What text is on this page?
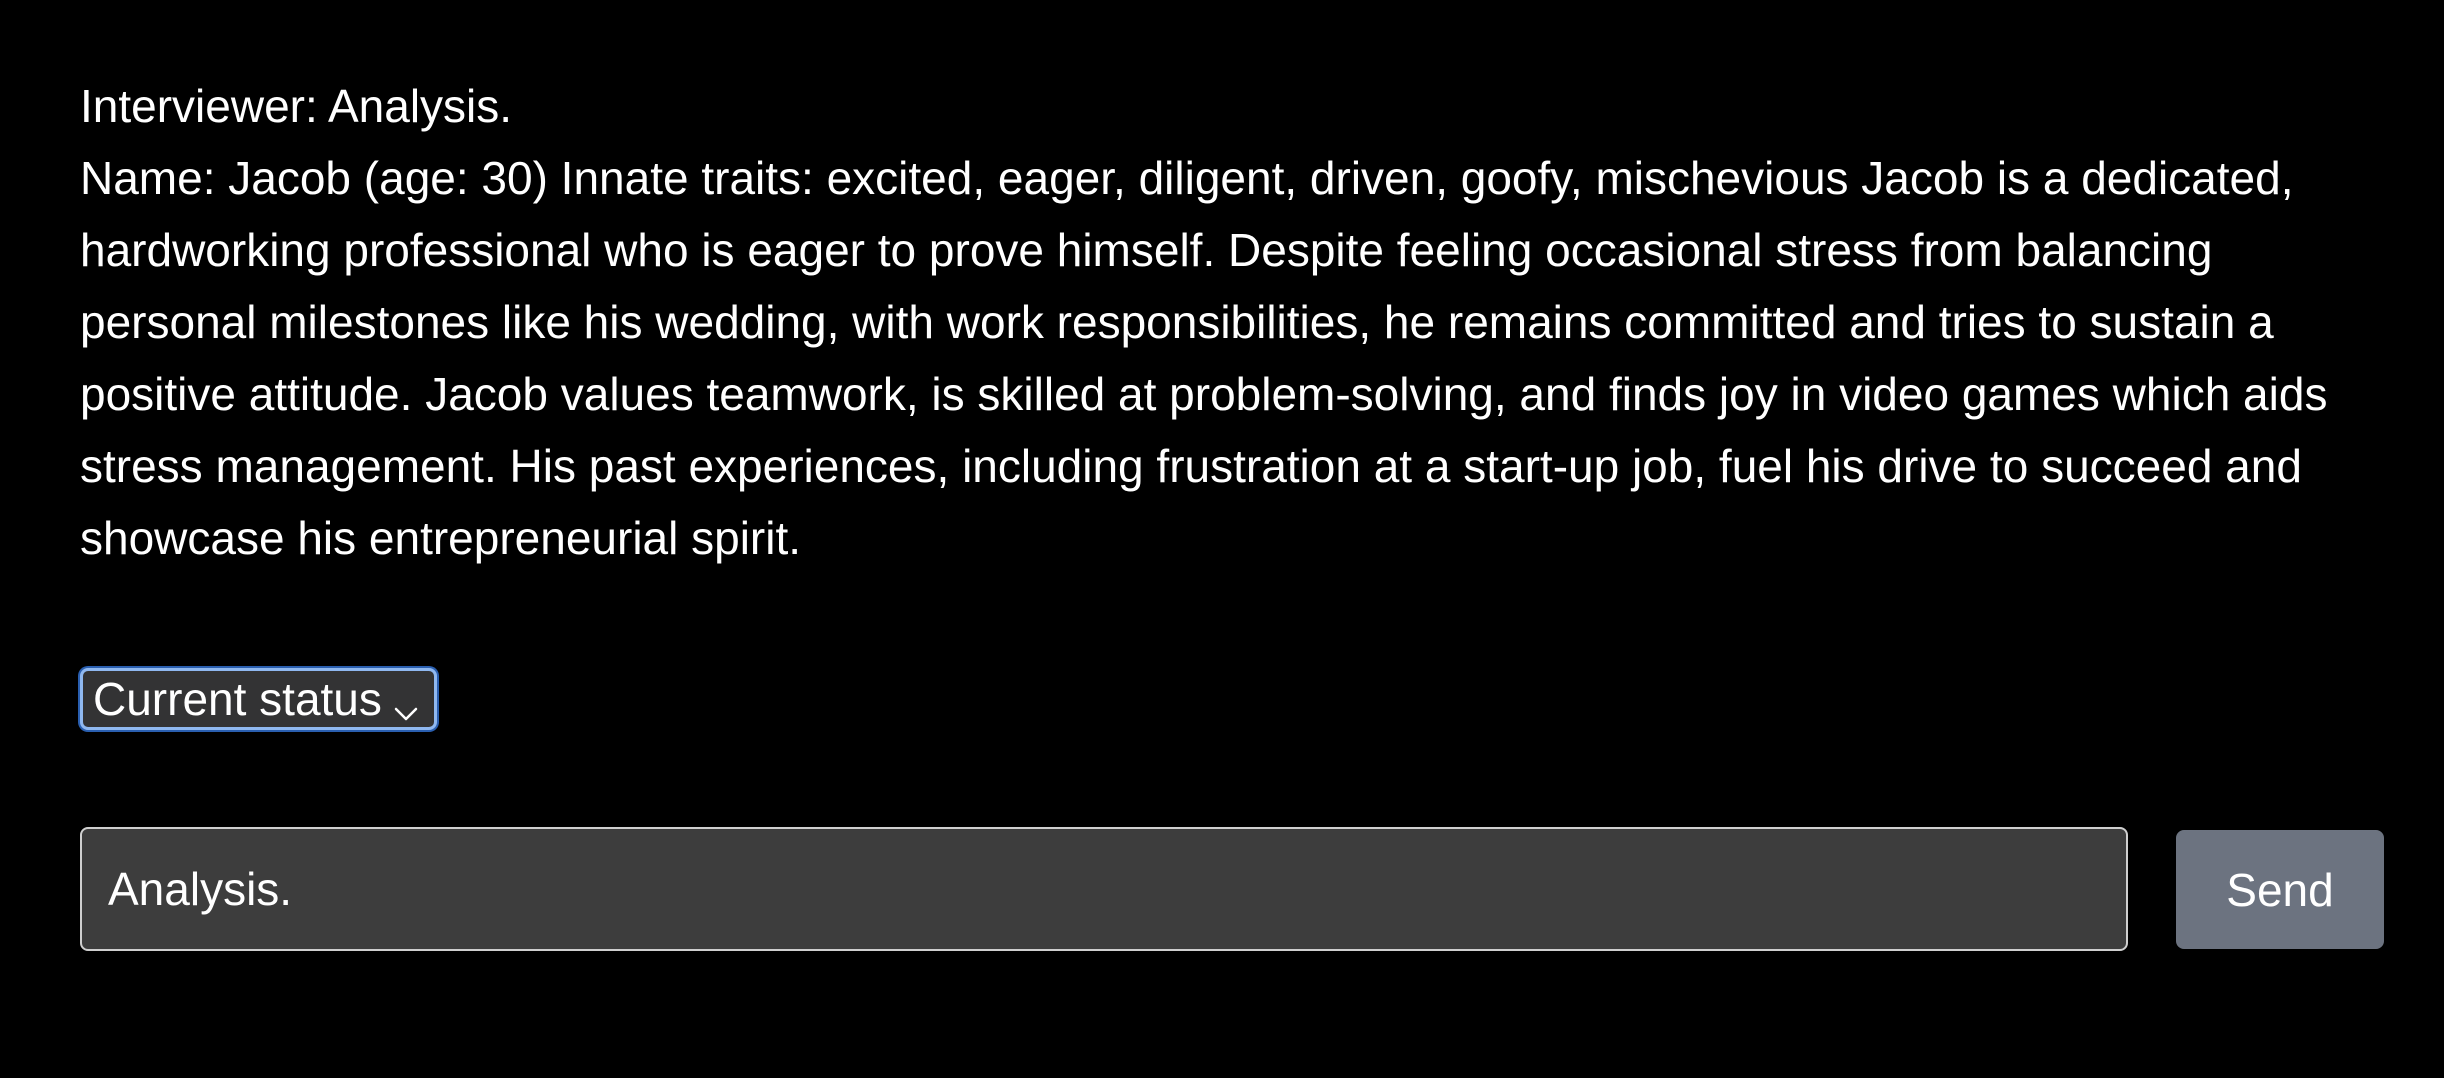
Interviewer: Analysis.

Name: Jacob (age: 30) Innate traits: excited, eager, diligent, driven, goofy, mischevious Jacob is a dedicated, hardworking professional who is eager to prove himself. Despite feeling occasional stress from balancing personal milestones like his wedding, with work responsibilities, he remains committed and tries to sustain a positive attitude. Jacob values teamwork, is skilled at problem-solving, and finds joy in video games which aids stress management. His past experiences, including frustration at a start-up job, fuel his drive to succeed and showcase his entrepreneurial spirit.

Current status
Analysis.
Send
